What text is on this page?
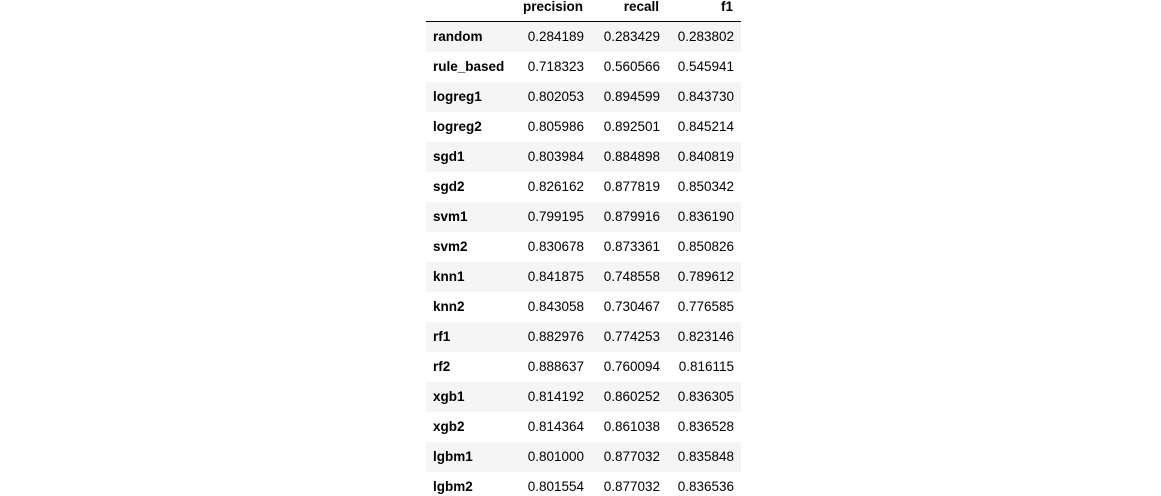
	precision	recall	f1
random	0.284189	0.283429	0.283802
rule_based	0.718323	0.560566	0.545941
logreg1	0.802053	0.894599	0.843730
logreg2	0.805986	0.892501	0.845214
sgd1	0.803984	0.884898	0.840819
sgd2	0.826162	0.877819	0.850342
svm1	0.799195	0.879916	0.836190
svm2	0.830678	0.873361	0.850826
knn1	0.841875	0.748558	0.789612
knn2	0.843058	0.730467	0.776585
rf1	0.882976	0.774253	0.823146
rf2	0.888637	0.760094	0.816115
xgb1	0.814192	0.860252	0.836305
xgb2	0.814364	0.861038	0.836528
lgbm1	0.801000	0.877032	0.835848
lgbm2	0.801554	0.877032	0.836536
